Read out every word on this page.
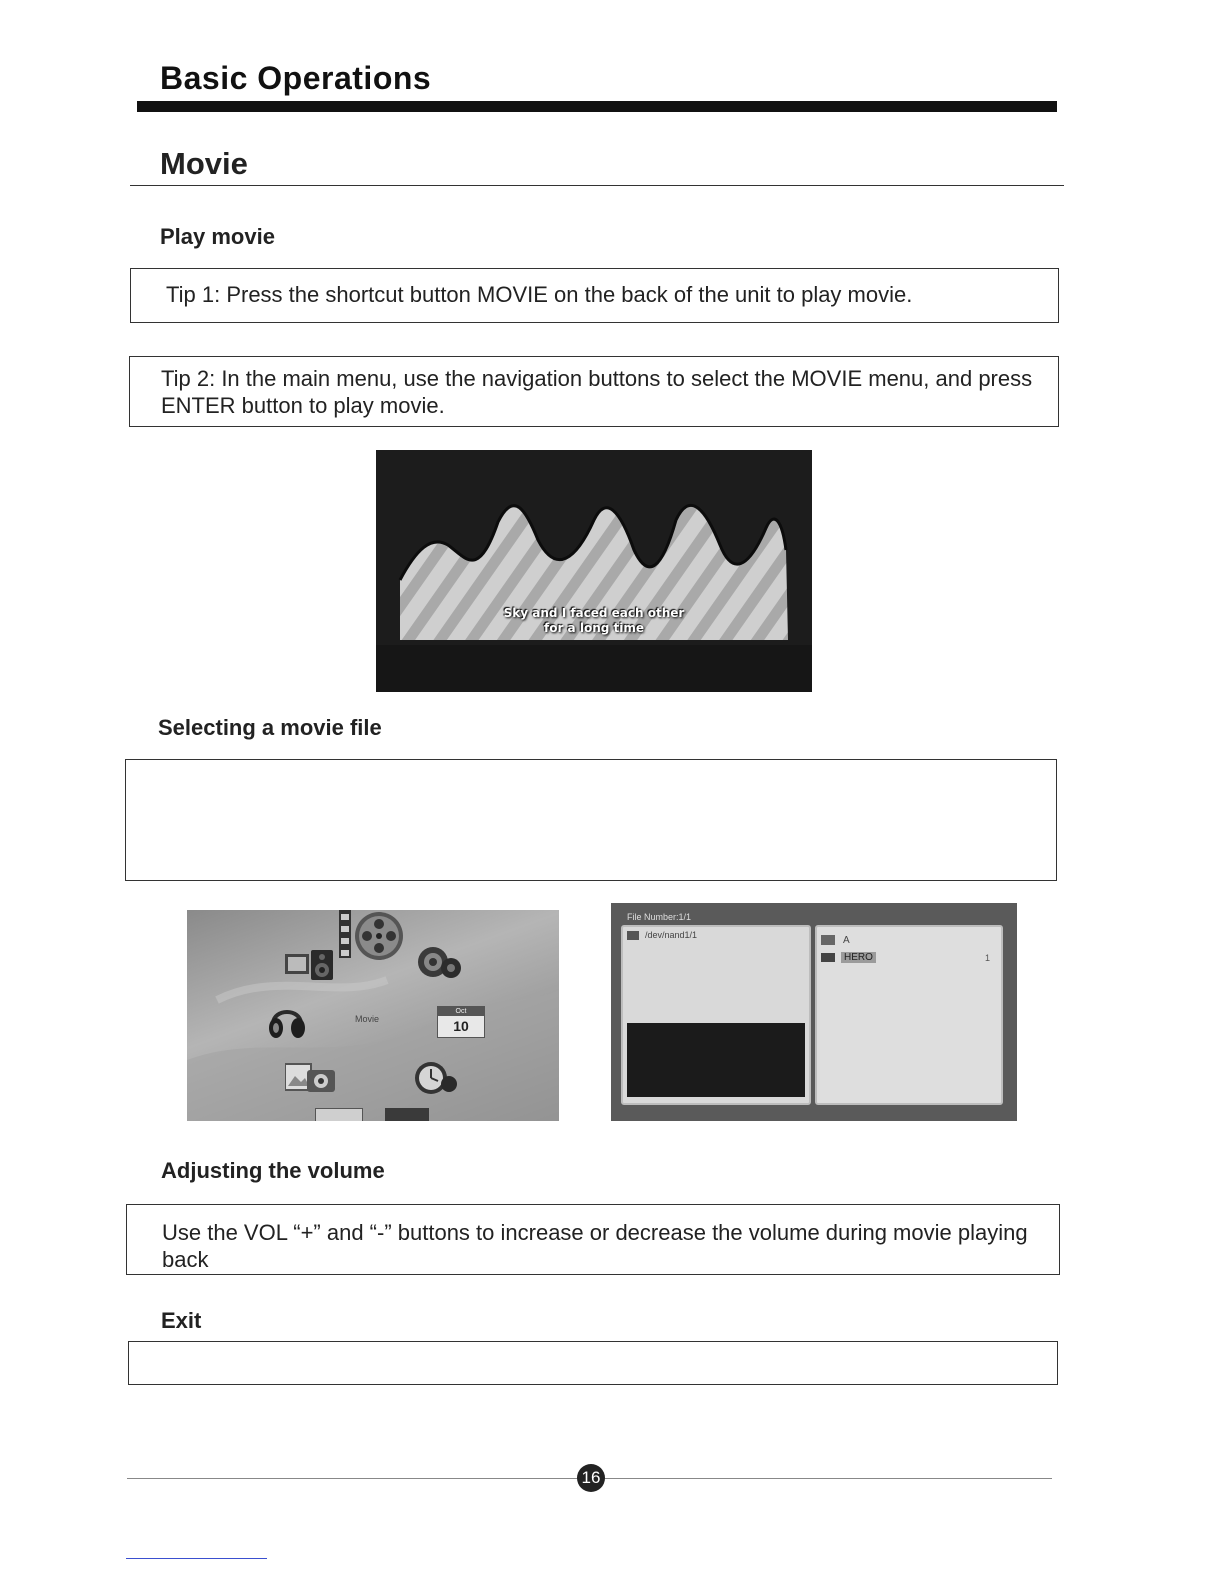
Basic Operations
Movie
Play movie
Tip 1: Press the shortcut button MOVIE on the back of the unit to play movie.
Tip 2: In the main menu, use the navigation buttons to select the MOVIE menu, and press ENTER button to play movie.
Sky and I faced each other
for a long time
Selecting a movie file
Movie
Oct
10
File Number:1/1
/dev/nand1/1	A
HERO	1
Adjusting the volume
Use the VOL “+” and “-” buttons to increase or decrease the volume during movie playing back
Exit
16
